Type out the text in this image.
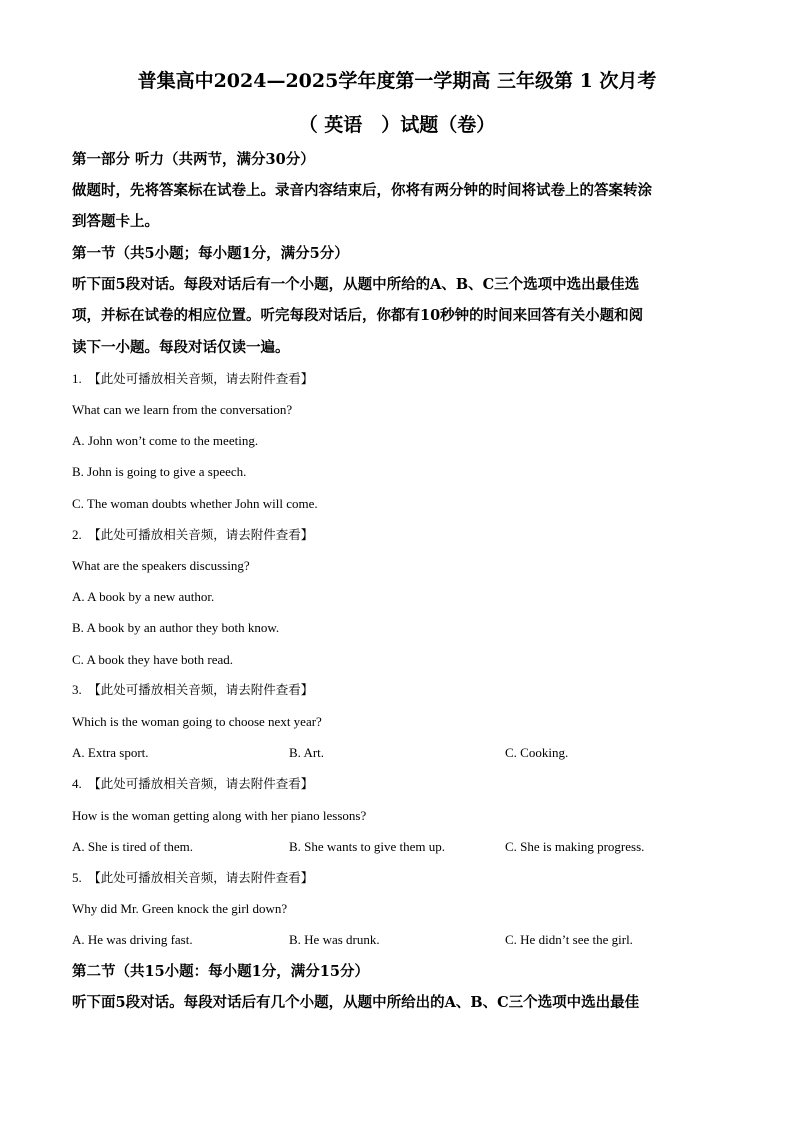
普集高中2024—2025学年度第一学期高 三年级第 1 次月考
（ 英语　）试题（卷）
第一部分 听力（共两节，满分30分）
做题时，先将答案标在试卷上。录音内容结束后，你将有两分钟的时间将试卷上的答案转涂
到答题卡上。
第一节（共5小题；每小题1分，满分5分）
听下面5段对话。每段对话后有一个小题，从题中所给的A、B、C三个选项中选出最佳选
项，并标在试卷的相应位置。听完每段对话后，你都有10秒钟的时间来回答有关小题和阅
读下一小题。每段对话仅读一遍。
1. 【此处可播放相关音频，请去附件查看】
What can we learn from the conversation?
A. John won’t come to the meeting.
B. John is going to give a speech.
C. The woman doubts whether John will come.
2. 【此处可播放相关音频，请去附件查看】
What are the speakers discussing?
A. A book by a new author.
B. A book by an author they both know.
C. A book they have both read.
3. 【此处可播放相关音频，请去附件查看】
Which is the woman going to choose next year?
A. Extra sport.	B. Art.	C. Cooking.
4. 【此处可播放相关音频，请去附件查看】
How is the woman getting along with her piano lessons?
A. She is tired of them.	B. She wants to give them up.	C. She is making progress.
5. 【此处可播放相关音频，请去附件查看】
Why did Mr. Green knock the girl down?
A. He was driving fast.	B. He was drunk.	C. He didn’t see the girl.
第二节（共15小题：每小题1分，满分15分）
听下面5段对话。每段对话后有几个小题，从题中所给出的A、B、C三个选项中选出最佳
